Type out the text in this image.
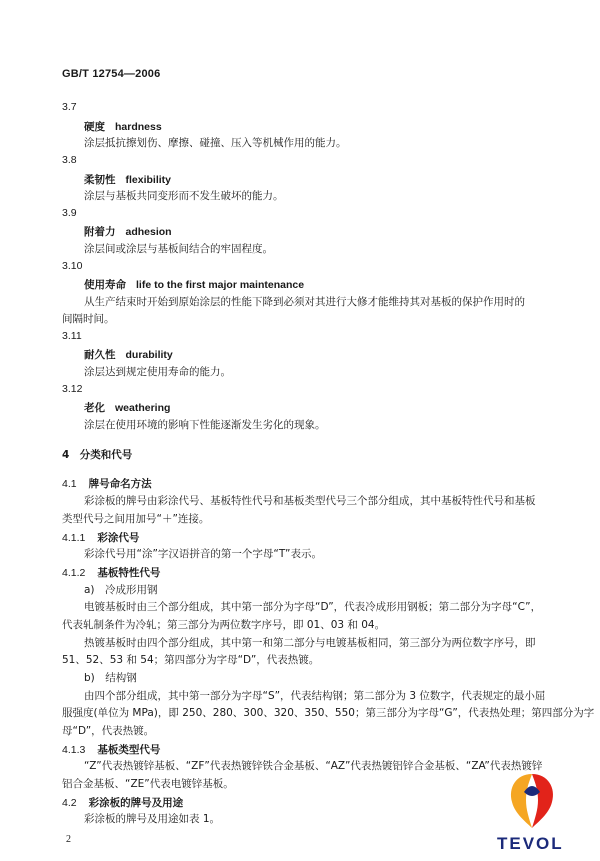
GB/T 12754—2006
3.7
硬度 hardness
涂层抵抗擦划伤、摩擦、碰撞、压入等机械作用的能力。
3.8
柔韧性 flexibility
涂层与基板共同变形而不发生破坏的能力。
3.9
附着力 adhesion
涂层间或涂层与基板间结合的牢固程度。
3.10
使用寿命 life to the first major maintenance
从生产结束时开始到原始涂层的性能下降到必须对其进行大修才能维持其对基板的保护作用时的
间隔时间。
3.11
耐久性 durability
涂层达到规定使用寿命的能力。
3.12
老化 weathering
涂层在使用环境的影响下性能逐渐发生劣化的现象。
4　分类和代号
4.1 牌号命名方法
彩涂板的牌号由彩涂代号、基板特性代号和基板类型代号三个部分组成，其中基板特性代号和基板
类型代号之间用加号“＋”连接。
4.1.1 彩涂代号
彩涂代号用“涂”字汉语拼音的第一个字母“T”表示。
4.1.2 基板特性代号
a)　冷成形用钢
电镀基板时由三个部分组成，其中第一部分为字母“D”，代表冷成形用钢板；第二部分为字母“C”，
代表轧制条件为冷轧；第三部分为两位数字序号，即 01、03 和 04。
热镀基板时由四个部分组成，其中第一和第二部分与电镀基板相同，第三部分为两位数字序号，即
51、52、53 和 54；第四部分为字母“D”，代表热镀。
b)　结构钢
由四个部分组成，其中第一部分为字母“S”，代表结构钢；第二部分为 3 位数字，代表规定的最小屈
服强度(单位为 MPa)，即 250、280、300、320、350、550；第三部分为字母“G”，代表热处理；第四部分为字
母“D”，代表热镀。
4.1.3 基板类型代号
“Z”代表热镀锌基板、“ZF”代表热镀锌铁合金基板、“AZ”代表热镀铝锌合金基板、“ZA”代表热镀锌
铝合金基板、“ZE”代表电镀锌基板。
4.2 彩涂板的牌号及用途
彩涂板的牌号及用途如表 1。
2	TEVOL
